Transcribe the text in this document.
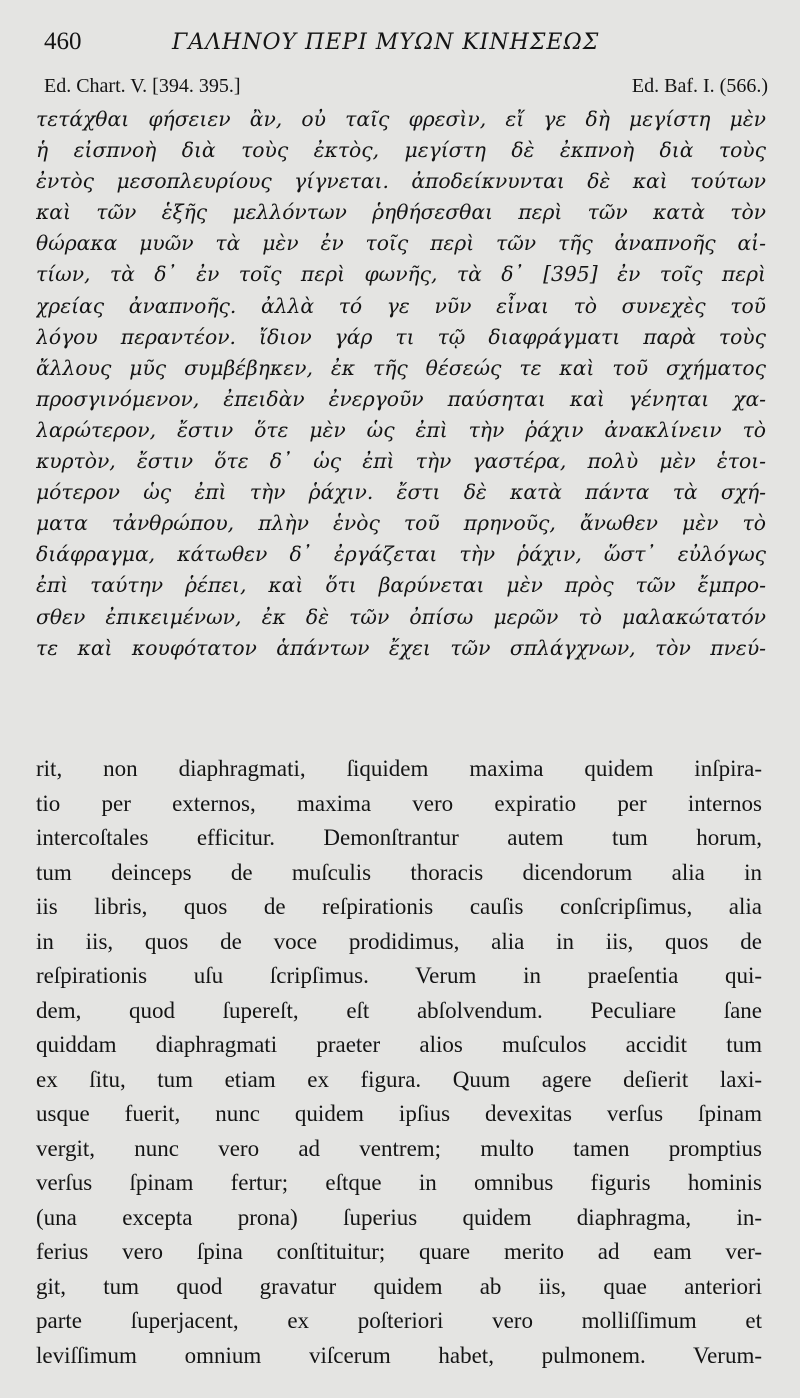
460	ΓΑΛΗΝΟΥ ΠΕΡΙ ΜΥΩΝ ΚΙΝΗΣΕΩΣ
Ed. Chart. V. [394. 395.]	Ed. Baf. I. (566.)
τετάχθαι φήσειεν ἂν, οὐ ταῖς φρεσὶν, εἴ γε δὴ μεγίστη μὲν
ἡ εἰσπνοὴ διὰ τοὺς ἐκτὸς, μεγίστη δὲ ἐκπνοὴ διὰ τοὺς
ἐντὸς μεσοπλευρίους γίγνεται. ἀποδείκνυνται δὲ καὶ τούτων
καὶ τῶν ἑξῆς μελλόντων ῥηθήσεσθαι περὶ τῶν κατὰ τὸν
θώρακα μυῶν τὰ μὲν ἐν τοῖς περὶ τῶν τῆς ἀναπνοῆς αἰ-
τίων, τὰ δ᾽ ἐν τοῖς περὶ φωνῆς, τὰ δ᾽ [395] ἐν τοῖς περὶ
χρείας ἀναπνοῆς. ἀλλὰ τό γε νῦν εἶναι τὸ συνεχὲς τοῦ
λόγου περαντέον. ἴδιον γάρ τι τῷ διαφράγματι παρὰ τοὺς
ἄλλους μῦς συμβέβηκεν, ἐκ τῆς θέσεώς τε καὶ τοῦ σχήματος
προσγινόμενον, ἐπειδὰν ἐνεργοῦν παύσηται καὶ γένηται χα-
λαρώτερον, ἔστιν ὅτε μὲν ὡς ἐπὶ τὴν ῥάχιν ἀνακλίνειν τὸ
κυρτὸν, ἔστιν ὅτε δ᾽ ὡς ἐπὶ τὴν γαστέρα, πολὺ μὲν ἑτοι-
μότερον ὡς ἐπὶ τὴν ῥάχιν. ἔστι δὲ κατὰ πάντα τὰ σχή-
ματα τἀνθρώπου, πλὴν ἑνὸς τοῦ πρηνοῦς, ἄνωθεν μὲν τὸ
διάφραγμα, κάτωθεν δ᾽ ἐργάζεται τὴν ῥάχιν, ὥστ᾽ εὐλόγως
ἐπὶ ταύτην ῥέπει, καὶ ὅτι βαρύνεται μὲν πρὸς τῶν ἔμπρο-
σθεν ἐπικειμένων, ἐκ δὲ τῶν ὀπίσω μερῶν τὸ μαλακώτατόν
τε καὶ κουφότατον ἁπάντων ἔχει τῶν σπλάγχνων, τὸν πνεύ-
rit, non diaphragmati, ſiquidem maxima quidem inſpira-
tio per externos, maxima vero expiratio per internos
intercoſtales efficitur. Demonſtrantur autem tum horum,
tum deinceps de muſculis thoracis dicendorum alia in
iis libris, quos de reſpirationis cauſis conſcripſimus, alia
in iis, quos de voce prodidimus, alia in iis, quos de
reſpirationis uſu ſcripſimus. Verum in praeſentia qui-
dem, quod ſupereſt, eſt abſolvendum. Peculiare ſane
quiddam diaphragmati praeter alios muſculos accidit tum
ex ſitu, tum etiam ex figura. Quum agere deſierit laxi-
usque fuerit, nunc quidem ipſius devexitas verſus ſpinam
vergit, nunc vero ad ventrem; multo tamen promptius
verſus ſpinam fertur; eſtque in omnibus figuris hominis
(una excepta prona) ſuperius quidem diaphragma, in-
ferius vero ſpina conſtituitur; quare merito ad eam ver-
git, tum quod gravatur quidem ab iis, quae anteriori
parte ſuperjacent, ex poſteriori vero molliſſimum et
leviſſimum omnium viſcerum habet, pulmonem. Verum-
